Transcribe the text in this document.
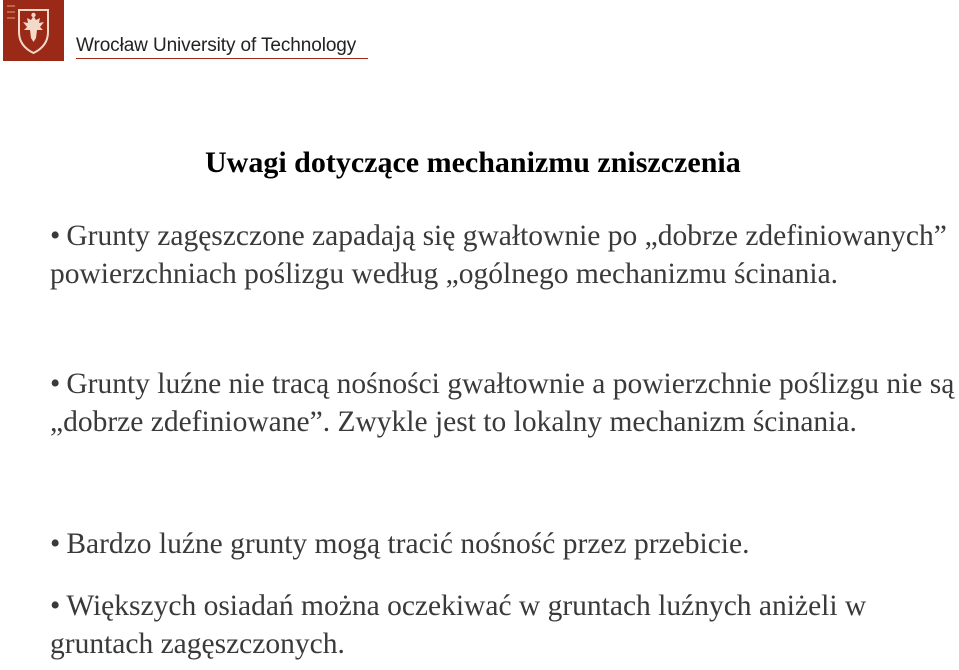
Wrocław University of Technology
Uwagi dotyczące mechanizmu zniszczenia

• Grunty zagęszczone zapadają się gwałtownie po „dobrze zdefiniowanych” powierzchniach poślizgu według „ogólnego mechanizmu ścinania.

• Grunty luźne nie tracą nośności gwałtownie a powierzchnie poślizgu nie są „dobrze zdefiniowane”. Zwykle jest to lokalny mechanizm ścinania.

• Bardzo luźne grunty mogą tracić nośność przez przebicie.

• Większych osiadań można oczekiwać w gruntach luźnych aniżeli w gruntach zagęszczonych.
